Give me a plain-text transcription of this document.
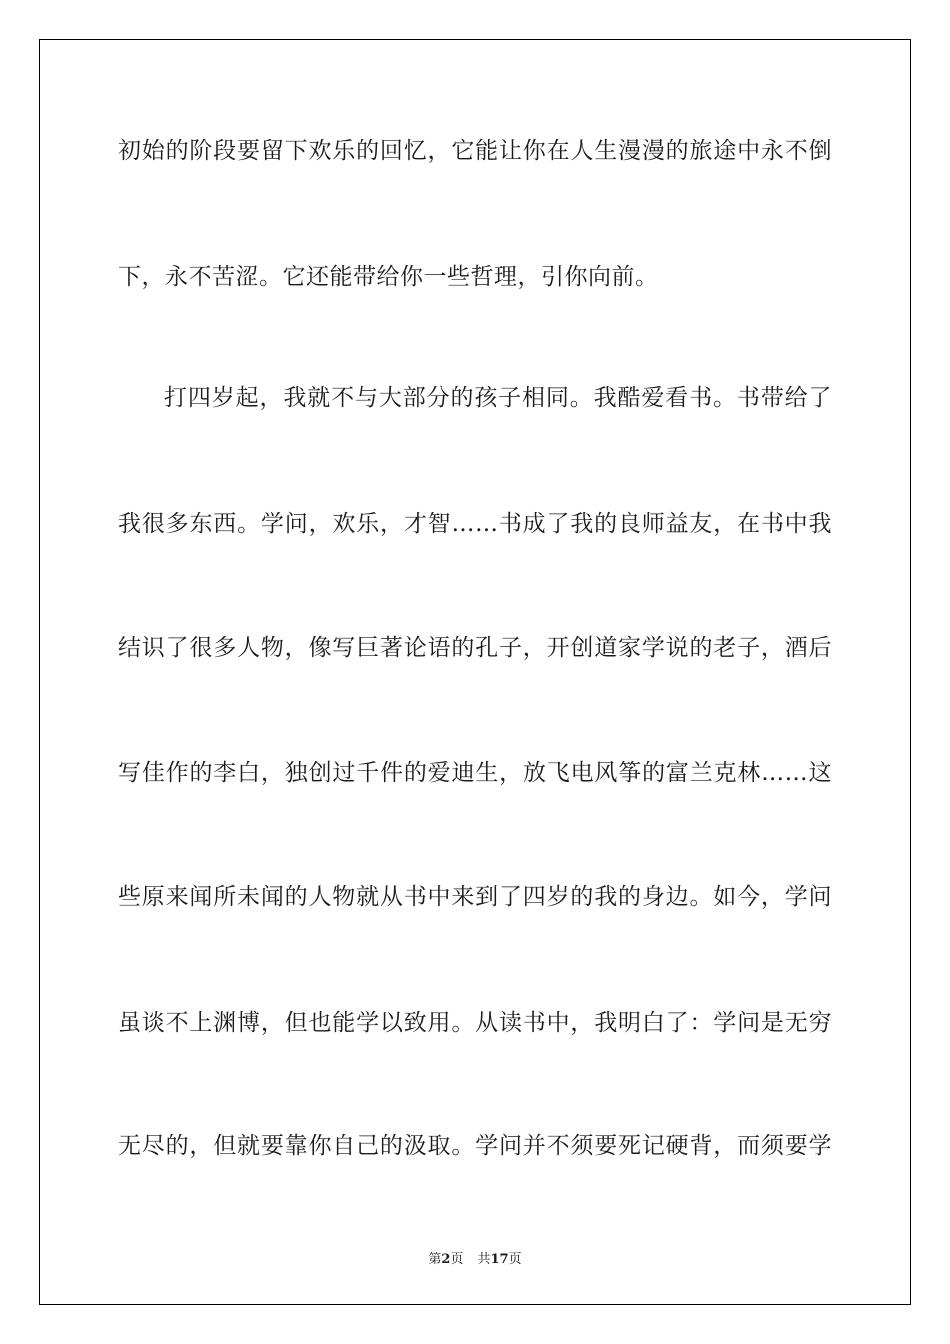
初始的阶段要留下欢乐的回忆，它能让你在人生漫漫的旅途中永不倒

下，永不苦涩。它还能带给你一些哲理，引你向前。

打四岁起，我就不与大部分的孩子相同。我酷爱看书。书带给了

我很多东西。学问，欢乐，才智……书成了我的良师益友，在书中我

结识了很多人物，像写巨著论语的孔子，开创道家学说的老子，酒后

写佳作的李白，独创过千件的爱迪生，放飞电风筝的富兰克林……这

些原来闻所未闻的人物就从书中来到了四岁的我的身边。如今，学问

虽谈不上渊博，但也能学以致用。从读书中，我明白了：学问是无穷

无尽的，但就要靠你自己的汲取。学问并不须要死记硬背，而须要学

第2页 共17页
